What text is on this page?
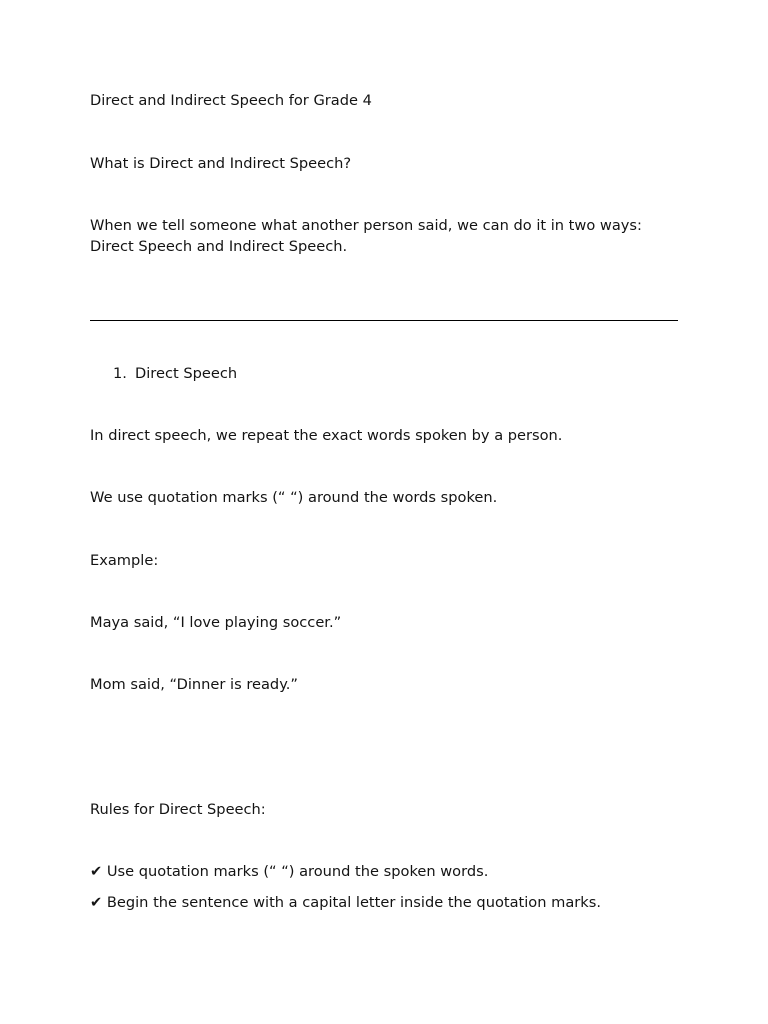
Direct and Indirect Speech for Grade 4
What is Direct and Indirect Speech?
When we tell someone what another person said, we can do it in two ways:
Direct Speech and Indirect Speech.
1. Direct Speech
In direct speech, we repeat the exact words spoken by a person.
We use quotation marks (“ “) around the words spoken.
Example:
Maya said, “I love playing soccer.”
Mom said, “Dinner is ready.”
Rules for Direct Speech:
✔ Use quotation marks (“ “) around the spoken words.
✔ Begin the sentence with a capital letter inside the quotation marks.
